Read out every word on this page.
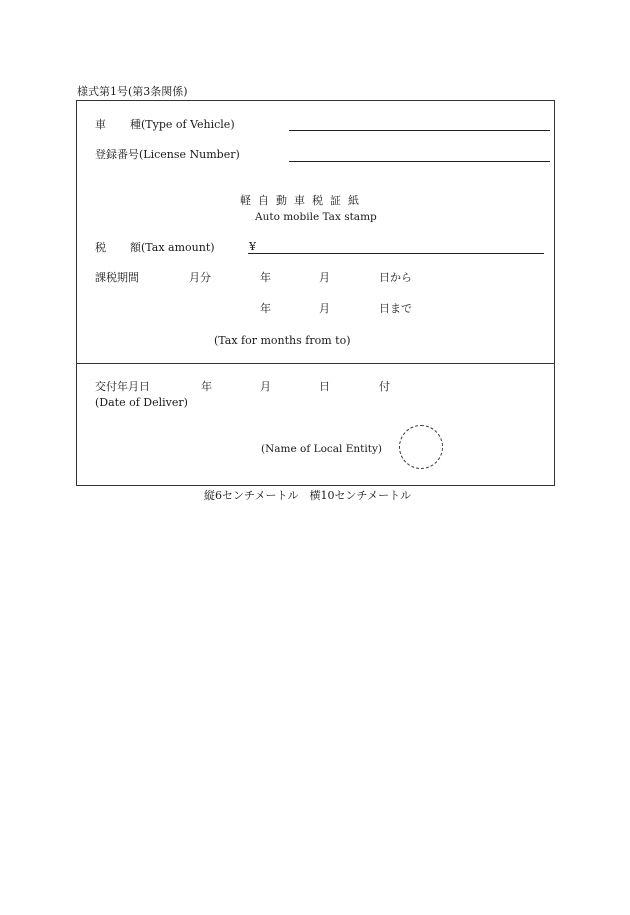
様式第1号(第3条関係)
車 種(Type of Vehicle)
登録番号(License Number)
軽自動車税証紙
Auto mobile Tax stamp
税 額(Tax amount)	¥
課税期間	月分	年	月	日から
年	月	日まで
(Tax for months from to)
交付年月日	年	月	日	付
(Date of Deliver)
(Name of Local Entity)
縦6センチメートル　横10センチメートル
